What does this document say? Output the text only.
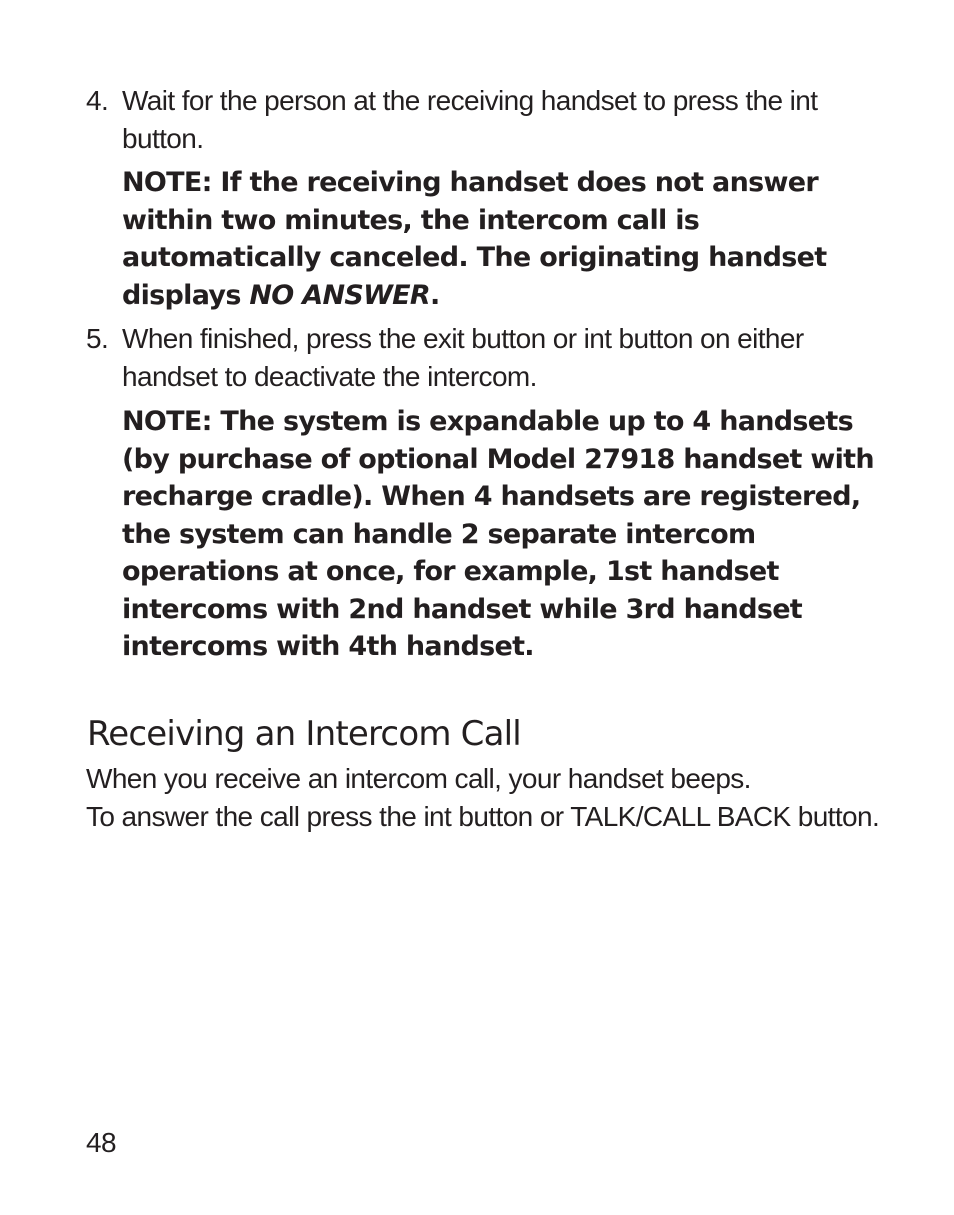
4. Wait for the person at the receiving handset to press the int button.
NOTE: If the receiving handset does not answer within two minutes, the intercom call is automatically canceled. The originating handset displays NO ANSWER.
5. When finished, press the exit button or int button on either handset to deactivate the intercom.
NOTE: The system is expandable up to 4 handsets (by purchase of optional Model 27918 handset with recharge cradle). When 4 handsets are registered, the system can handle 2 separate intercom operations at once, for example, 1st handset intercoms with 2nd handset while 3rd handset intercoms with 4th handset.
Receiving an Intercom Call
When you receive an intercom call, your handset beeps.
To answer the call press the int button or TALK/CALL BACK button.
48
